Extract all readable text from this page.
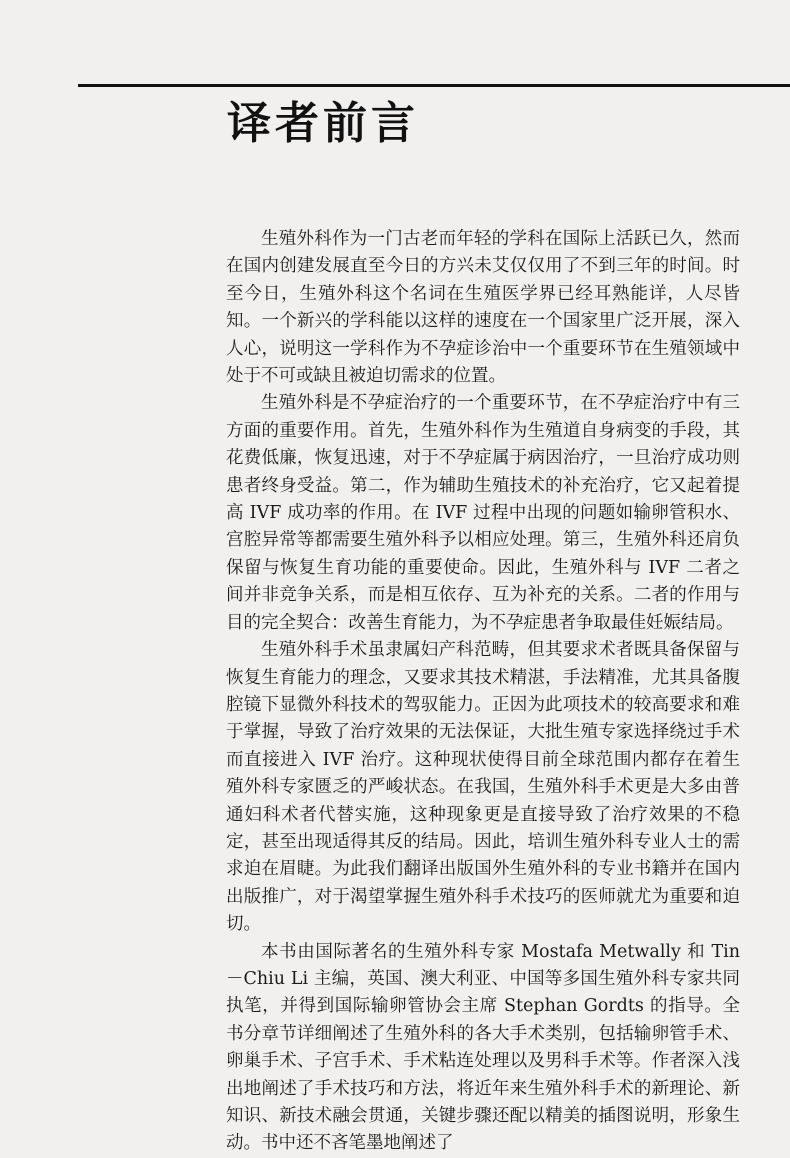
译者前言

生殖外科作为一门古老而年轻的学科在国际上活跃已久，然而在国内创建发展直至今日的方兴未艾仅仅用了不到三年的时间。时至今日，生殖外科这个名词在生殖医学界已经耳熟能详，人尽皆知。一个新兴的学科能以这样的速度在一个国家里广泛开展，深入人心，说明这一学科作为不孕症诊治中一个重要环节在生殖领域中处于不可或缺且被迫切需求的位置。

生殖外科是不孕症治疗的一个重要环节，在不孕症治疗中有三方面的重要作用。首先，生殖外科作为生殖道自身病变的手段，其花费低廉，恢复迅速，对于不孕症属于病因治疗，一旦治疗成功则患者终身受益。第二，作为辅助生殖技术的补充治疗，它又起着提高 IVF 成功率的作用。在 IVF 过程中出现的问题如输卵管积水、宫腔异常等都需要生殖外科予以相应处理。第三，生殖外科还肩负保留与恢复生育功能的重要使命。因此，生殖外科与 IVF 二者之间并非竞争关系，而是相互依存、互为补充的关系。二者的作用与目的完全契合：改善生育能力，为不孕症患者争取最佳妊娠结局。

生殖外科手术虽隶属妇产科范畴，但其要求术者既具备保留与恢复生育能力的理念，又要求其技术精湛，手法精准，尤其具备腹腔镜下显微外科技术的驾驭能力。正因为此项技术的较高要求和难于掌握，导致了治疗效果的无法保证，大批生殖专家选择绕过手术而直接进入 IVF 治疗。这种现状使得目前全球范围内都存在着生殖外科专家匮乏的严峻状态。在我国，生殖外科手术更是大多由普通妇科术者代替实施，这种现象更是直接导致了治疗效果的不稳定，甚至出现适得其反的结局。因此，培训生殖外科专业人士的需求迫在眉睫。为此我们翻译出版国外生殖外科的专业书籍并在国内出版推广，对于渴望掌握生殖外科手术技巧的医师就尤为重要和迫切。

本书由国际著名的生殖外科专家 Mostafa Metwally 和 Tin－Chiu Li 主编，英国、澳大利亚、中国等多国生殖外科专家共同执笔，并得到国际输卵管协会主席 Stephan Gordts 的指导。全书分章节详细阐述了生殖外科的各大手术类别，包括输卵管手术、卵巢手术、子宫手术、手术粘连处理以及男科手术等。作者深入浅出地阐述了手术技巧和方法，将近年来生殖外科手术的新理论、新知识、新技术融会贯通，关键步骤还配以精美的插图说明，形象生动。书中还不吝笔墨地阐述了
